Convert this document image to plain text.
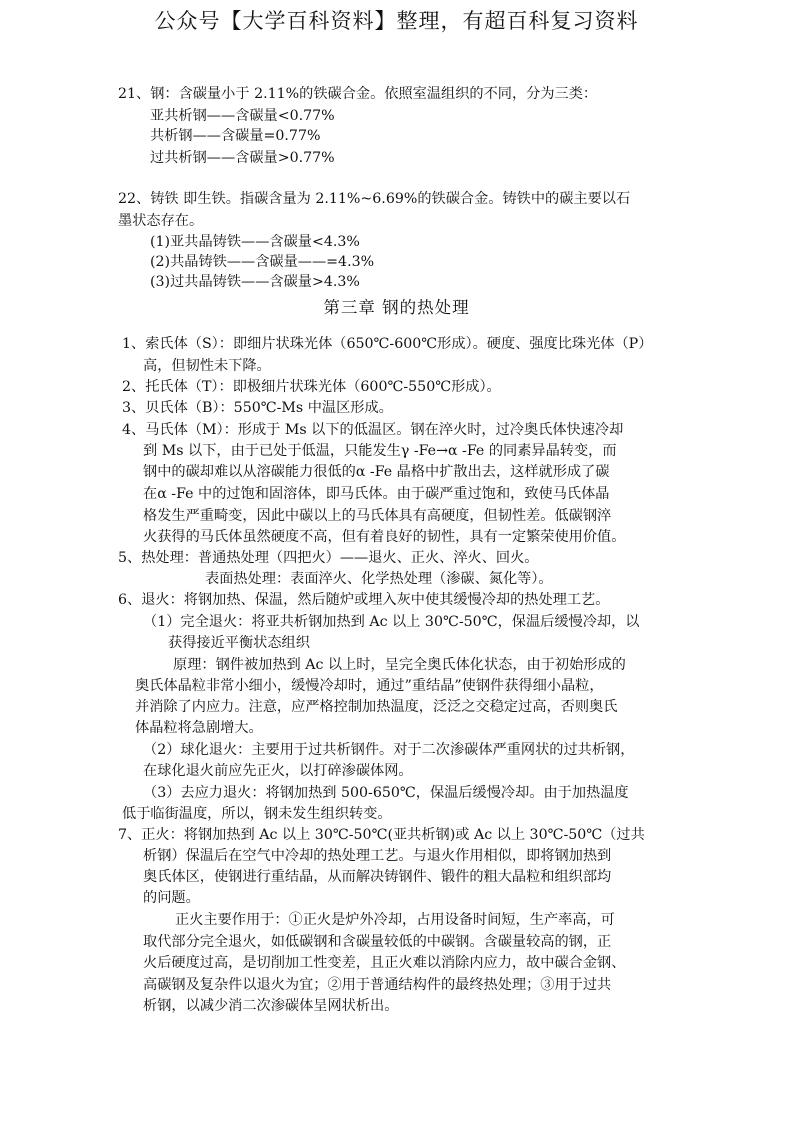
公众号【大学百科资料】整理，有超百科复习资料
21、钢：含碳量小于 2.11%的铁碳合金。依照室温组织的不同，分为三类：
亚共析钢——含碳量<0.77%
共析钢——含碳量=0.77%
过共析钢——含碳量>0.77%
22、铸铁 即生铁。指碳含量为 2.11%~6.69%的铁碳合金。铸铁中的碳主要以石
墨状态存在。
(1)亚共晶铸铁——含碳量<4.3%
(2)共晶铸铁——含碳量——=4.3%
(3)过共晶铸铁——含碳量>4.3%
第三章 钢的热处理
1、索氏体（S）：即细片状珠光体（650℃-600℃形成）。硬度、强度比珠光体（P）
高，但韧性未下降。
2、托氏体（T）：即极细片状珠光体（600℃-550℃形成）。
3、贝氏体（B）：550℃-Ms 中温区形成。
4、马氏体（M）：形成于 Ms 以下的低温区。钢在淬火时，过冷奥氏体快速冷却
到 Ms 以下，由于已处于低温，只能发生γ -Fe→α -Fe 的同素异晶转变，而
钢中的碳却难以从溶碳能力很低的α -Fe 晶格中扩散出去，这样就形成了碳
在α -Fe 中的过饱和固溶体，即马氏体。由于碳严重过饱和，致使马氏体晶
格发生严重畸变，因此中碳以上的马氏体具有高硬度，但韧性差。低碳钢淬
火获得的马氏体虽然硬度不高，但有着良好的韧性，具有一定繁荣使用价值。
5、热处理：普通热处理（四把火）——退火、正火、淬火、回火。
表面热处理：表面淬火、化学热处理（渗碳、氮化等）。
6、退火：将钢加热、保温，然后随炉或埋入灰中使其缓慢冷却的热处理工艺。
（1）完全退火：将亚共析钢加热到 Ac 以上 30℃-50℃，保温后缓慢冷却，以
获得接近平衡状态组织
原理：钢件被加热到 Ac 以上时，呈完全奥氏体化状态，由于初始形成的
奥氏体晶粒非常小细小，缓慢冷却时，通过”重结晶”使钢件获得细小晶粒，
并消除了内应力。注意，应严格控制加热温度，泛泛之交稳定过高，否则奥氏
体晶粒将急剧增大。
（2）球化退火：主要用于过共析钢件。对于二次渗碳体严重网状的过共析钢，
在球化退火前应先正火，以打碎渗碳体网。
（3）去应力退火：将钢加热到 500-650℃，保温后缓慢冷却。由于加热温度
低于临街温度，所以，钢未发生组织转变。
7、正火：将钢加热到 Ac 以上 30℃-50℃(亚共析钢)或 Ac 以上 30℃-50℃（过共
析钢）保温后在空气中冷却的热处理工艺。与退火作用相似，即将钢加热到
奥氏体区，使钢进行重结晶，从而解决铸钢件、锻件的粗大晶粒和组织部均
的问题。
正火主要作用于：①正火是炉外冷却，占用设备时间短，生产率高，可
取代部分完全退火，如低碳钢和含碳量较低的中碳钢。含碳量较高的钢，正
火后硬度过高，是切削加工性变差，且正火难以消除内应力，故中碳合金钢、
高碳钢及复杂件以退火为宜；②用于普通结构件的最终热处理；③用于过共
析钢，以减少消二次渗碳体呈网状析出。
